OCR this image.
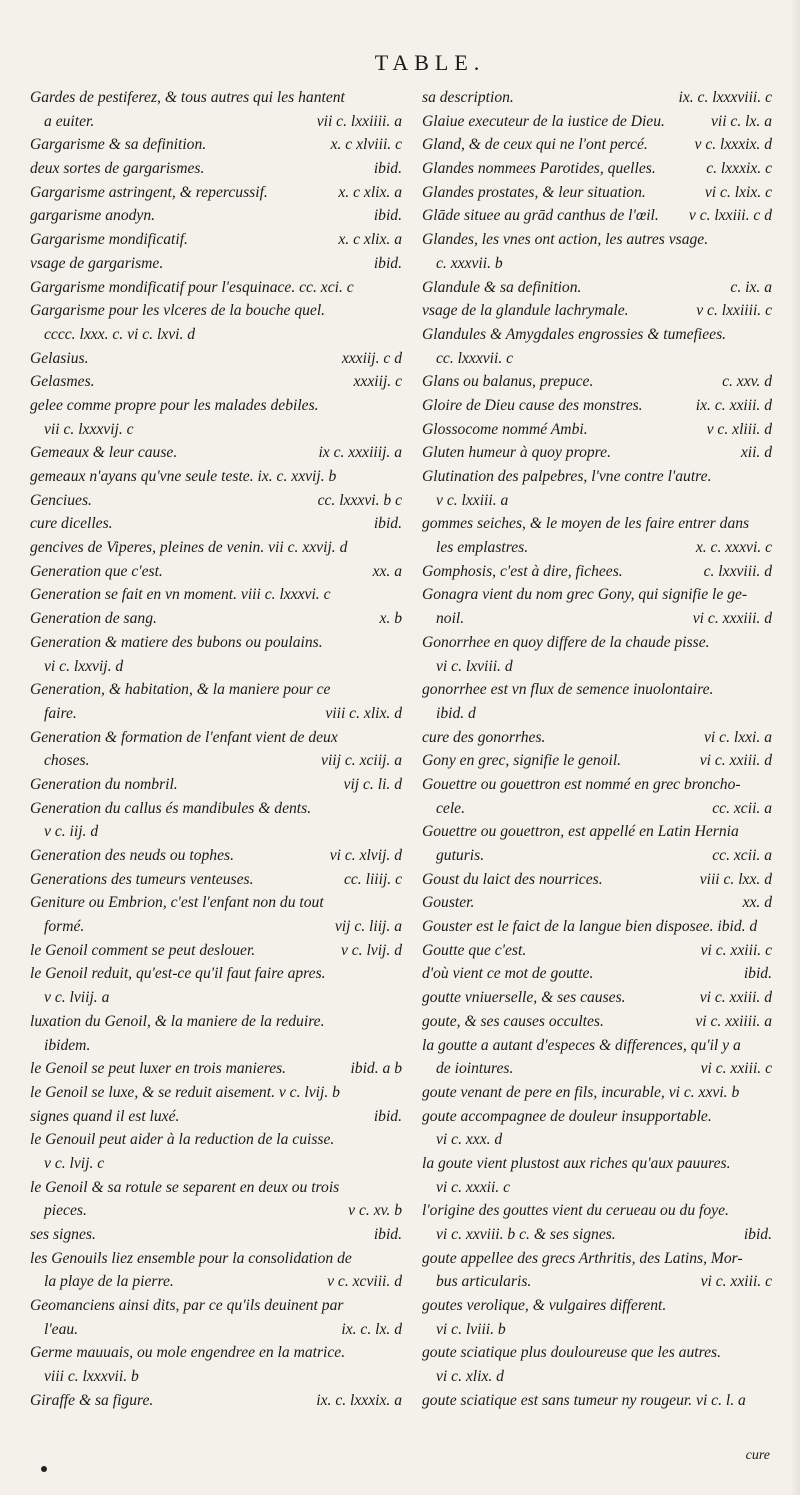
TABLE.
Gardes de pestiferez, & tous autres qui les hantent
a euiter.	vii c. lxxiiii. a
Gargarisme & sa definition.	x. c xlviii. c
deux sortes de gargarismes.	ibid.
Gargarisme astringent, & repercussif.	x. c xlix. a
gargarisme anodyn.	ibid.
Gargarisme mondificatif.	x. c xlix. a
vsage de gargarisme.	ibid.
Gargarisme mondificatif pour l'esquinace. cc. xci. c
Gargarisme pour les vlceres de la bouche quel.
cccc. lxxx. c. vi c. lxvi. d
Gelasius.	xxxiij. c d
Gelasmes.	xxxiij. c
gelee comme propre pour les malades debiles.
vii c. lxxxvij. c
Gemeaux & leur cause.	ix c. xxxiiij. a
gemeaux n'ayans qu'vne seule teste. ix. c. xxvij. b
Genciues.	cc. lxxxvi. b c
cure dicelles.	ibid.
gencives de Viperes, pleines de venin. vii c. xxvij. d
Generation que c'est.	xx. a
Generation se fait en vn moment. viii c. lxxxvi. c
Generation de sang.	x. b
Generation & matiere des bubons ou poulains.
vi c. lxxvij. d
Generation, & habitation, & la maniere pour ce
faire.	viii c. xlix. d
Generation & formation de l'enfant vient de deux
choses.	viij c. xciij. a
Generation du nombril.	vij c. li. d
Generation du callus és mandibules & dents.
v c. iij. d
Generation des neuds ou tophes.	vi c. xlvij. d
Generations des tumeurs venteuses.	cc. liiij. c
Geniture ou Embrion, c'est l'enfant non du tout
formé.	vij c. liij. a
le Genoil comment se peut deslouer.	v c. lvij. d
le Genoil reduit, qu'est-ce qu'il faut faire apres.
v c. lviij. a
luxation du Genoil, & la maniere de la reduire.
ibidem.
le Genoil se peut luxer en trois manieres.	ibid. a b
le Genoil se luxe, & se reduit aisement. v c. lvij. b
signes quand il est luxé.	ibid.
le Genouil peut aider à la reduction de la cuisse.
v c. lvij. c
le Genoil & sa rotule se separent en deux ou trois
pieces.	v c. xv. b
ses signes.	ibid.
les Genouils liez ensemble pour la consolidation de
la playe de la pierre.	v c. xcviii. d
Geomanciens ainsi dits, par ce qu'ils deuinent par
l'eau.	ix. c. lx. d
Germe mauuais, ou mole engendree en la matrice.
viii c. lxxxvii. b
Giraffe & sa figure.	ix. c. lxxxix. a
sa description.	ix. c. lxxxviii. c
Glaiue executeur de la iustice de Dieu.	vii c. lx. a
Gland, & de ceux qui ne l'ont percé.	v c. lxxxix. d
Glandes nommees Parotides, quelles.	c. lxxxix. c
Glandes prostates, & leur situation.	vi c. lxix. c
Glāde situee au grād canthus de l'œil.	v c. lxxiii. c d
Glandes, les vnes ont action, les autres vsage.
c. xxxvii. b
Glandule & sa definition.	c. ix. a
vsage de la glandule lachrymale.	v c. lxxiiii. c
Glandules & Amygdales engrossies & tumefiees.
cc. lxxxvii. c
Glans ou balanus, prepuce.	c. xxv. d
Gloire de Dieu cause des monstres.	ix. c. xxiii. d
Glossocome nommé Ambi.	v c. xliii. d
Gluten humeur à quoy propre.	xii. d
Glutination des palpebres, l'vne contre l'autre.
v c. lxxiii. a
gommes seiches, & le moyen de les faire entrer dans
les emplastres.	x. c. xxxvi. c
Gomphosis, c'est à dire, fichees.	c. lxxviii. d
Gonagra vient du nom grec Gony, qui signifie le ge-
noil.	vi c. xxxiii. d
Gonorrhee en quoy differe de la chaude pisse.
vi c. lxviii. d
gonorrhee est vn flux de semence inuolontaire.
ibid. d
cure des gonorrhes.	vi c. lxxi. a
Gony en grec, signifie le genoil.	vi c. xxiii. d
Gouettre ou gouettron est nommé en grec broncho-
cele.	cc. xcii. a
Gouettre ou gouettron, est appellé en Latin Hernia
guturis.	cc. xcii. a
Goust du laict des nourrices.	viii c. lxx. d
Gouster.	xx. d
Gouster est le faict de la langue bien disposee. ibid. d
Goutte que c'est.	vi c. xxiii. c
d'où vient ce mot de goutte.	ibid.
goutte vniuerselle, & ses causes.	vi c. xxiii. d
goute, & ses causes occultes.	vi c. xxiiii. a
la goutte a autant d'especes & differences, qu'il y a
de iointures.	vi c. xxiii. c
goute venant de pere en fils, incurable, vi c. xxvi. b
goute accompagnee de douleur insupportable.
vi c. xxx. d
la goute vient plustost aux riches qu'aux pauures.
vi c. xxxii. c
l'origine des gouttes vient du cerueau ou du foye.
vi c. xxviii. b c. & ses signes.	ibid.
goute appellee des grecs Arthritis, des Latins, Mor-
bus articularis.	vi c. xxiii. c
goutes verolique, & vulgaires different.
vi c. lviii. b
goute sciatique plus douloureuse que les autres.
vi c. xlix. d
goute sciatique est sans tumeur ny rougeur. vi c. l. a
cure
